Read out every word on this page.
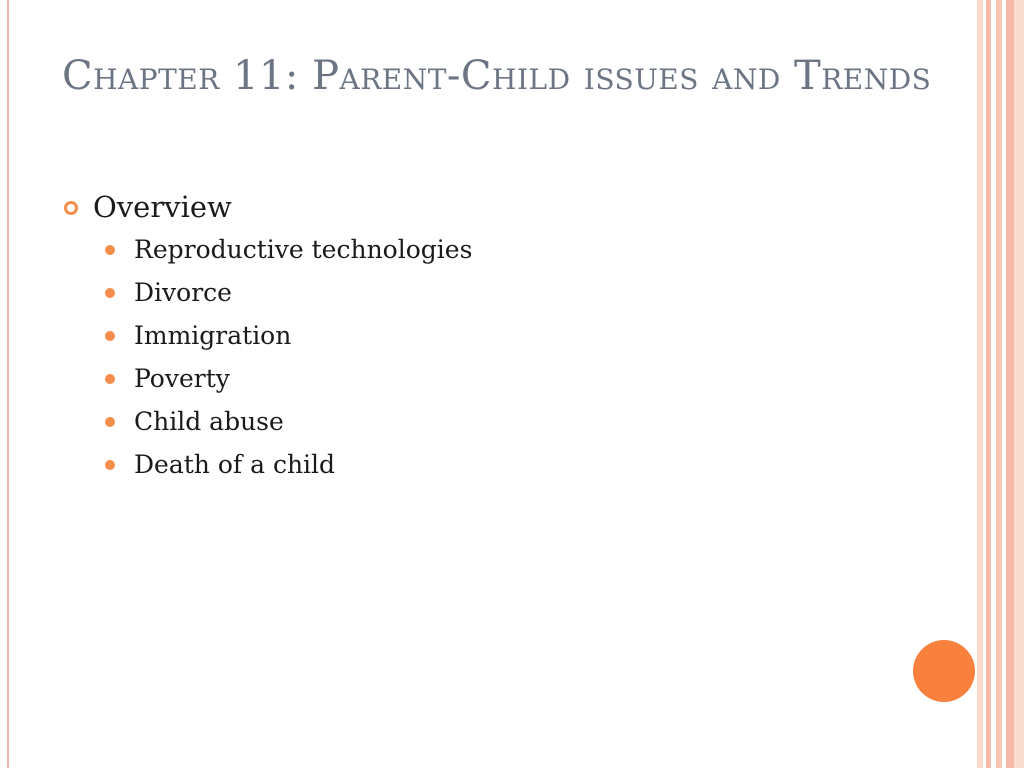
Chapter 11: Parent-Child issues and Trends
Overview
Reproductive technologies
Divorce
Immigration
Poverty
Child abuse
Death of a child
